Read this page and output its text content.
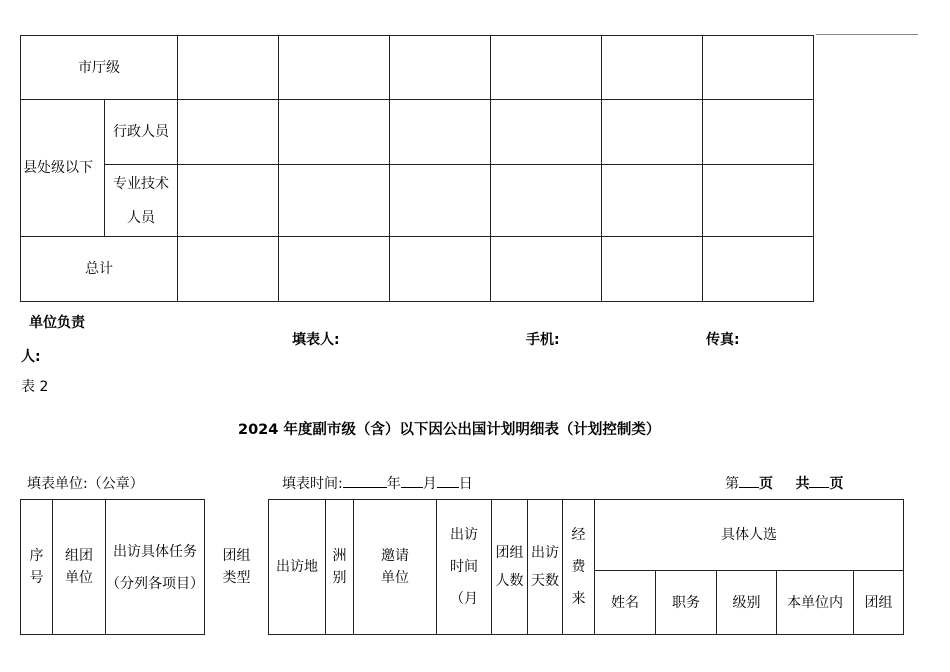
市厅级							
县处级以下	行政人员						
	专业技术人员						
总计							
单位负责
人:
填表人:	手机:	传真:
表 2
2024 年度副市级（含）以下因公出国计划明细表（计划控制类）
填表单位:（公章）	填表时间:	年 月 日	第 页 共 页
序号	组团单位	出访具体任务（分列各项目）	团组类型	出访地	洲别	邀请单位	出访时间（月	团组人数	出访天数	经费来	具体人选				
											姓名	职务	级别	本单位内	团组
